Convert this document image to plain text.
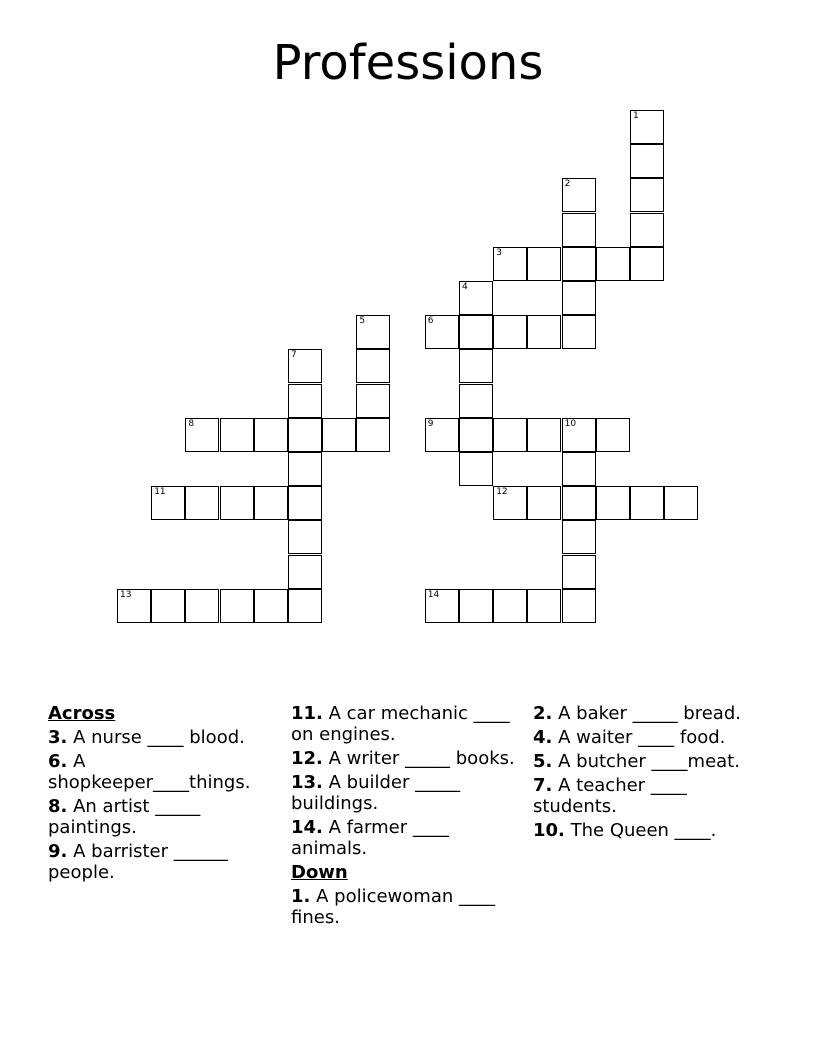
Professions
1
2
4
5
7
10
3
6
8	9
11	12
13	14
Across
3. A nurse ____ blood.
6. A shopkeeper____things.
8. An artist _____ paintings.
9. A barrister ______ people.
11. A car mechanic ____ on engines.
12. A writer _____ books.
13. A builder _____ buildings.
14. A farmer ____ animals.
Down
1. A policewoman ____ fines.
2. A baker _____ bread.
4. A waiter ____ food.
5. A butcher ____meat.
7. A teacher ____ students.
10. The Queen ____.
